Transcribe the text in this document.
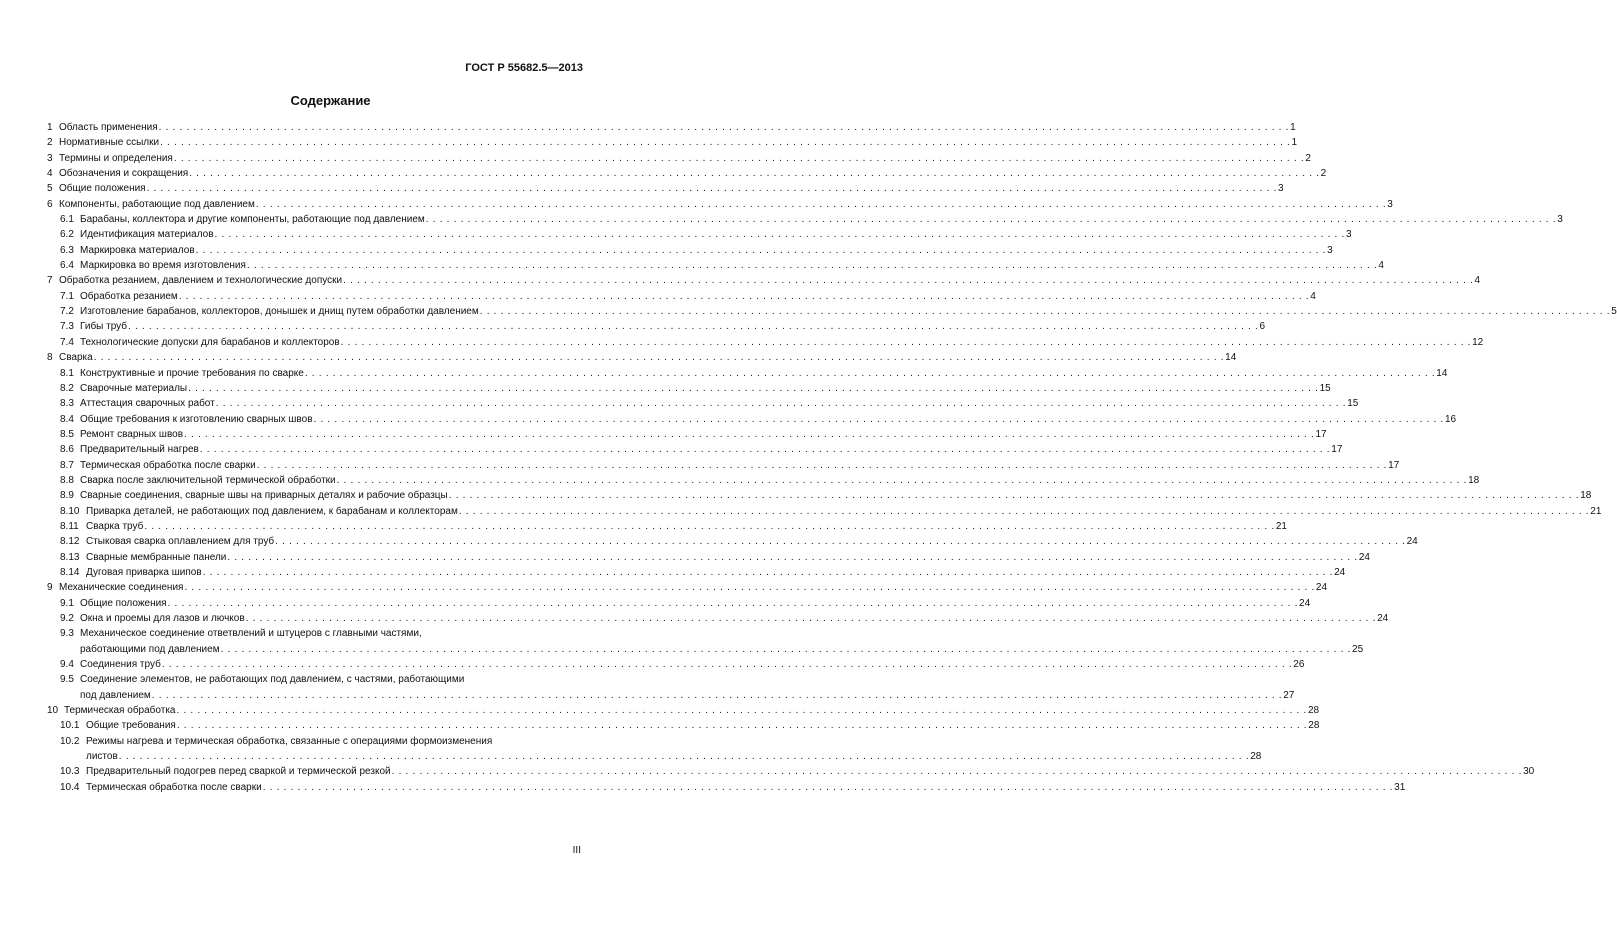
ГОСТ Р 55682.5—2013
Содержание
1 Область применения . . .	1
2 Нормативные ссылки . . .	1
3 Термины и определения . . .	2
4 Обозначения и сокращения . . .	2
5 Общие положения . . .	3
6 Компоненты, работающие под давлением . . .	3
6.1 Барабаны, коллектора и другие компоненты, работающие под давлением . . .	3
6.2 Идентификация материалов . . .	3
6.3 Маркировка материалов . . .	3
6.4 Маркировка во время изготовления . . .	4
7 Обработка резанием, давлением и технологические допуски . . .	4
7.1 Обработка резанием . . .	4
7.2 Изготовление барабанов, коллекторов, донышек и днищ путем обработки давлением . . .	5
7.3 Гибы труб . . .	6
7.4 Технологические допуски для барабанов и коллекторов . . .	12
8 Сварка . . .	14
8.1 Конструктивные и прочие требования по сварке . . .	14
8.2 Сварочные материалы . . .	15
8.3 Аттестация сварочных работ . . .	15
8.4 Общие требования к изготовлению сварных швов . . .	16
8.5 Ремонт сварных швов . . .	17
8.6 Предварительный нагрев . . .	17
8.7 Термическая обработка после сварки . . .	17
8.8 Сварка после заключительной термической обработки . . .	18
8.9 Сварные соединения, сварные швы на приварных деталях и рабочие образцы . . .	18
8.10 Приварка деталей, не работающих под давлением, к барабанам и коллекторам . . .	21
8.11 Сварка труб . . .	21
8.12 Стыковая сварка оплавлением для труб . . .	24
8.13 Сварные мембранные панели . . .	24
8.14 Дуговая приварка шипов . . .	24
9 Механические соединения . . .	24
9.1 Общие положения . . .	24
9.2 Окна и проемы для лазов и лючков . . .	24
9.3 Механическое соединение ответвлений и штуцеров с главными частями,
работающими под давлением . . .	25
9.4 Соединения труб . . .	26
9.5 Соединение элементов, не работающих под давлением, с частями, работающими
под давлением . . .	27
10 Термическая обработка . . .	28
10.1 Общие требования . . .	28
10.2 Режимы нагрева и термическая обработка, связанные с операциями формоизменения
листов . . .	28
10.3 Предварительный подогрев перед сваркой и термической резкой . . .	30
10.4 Термическая обработка после сварки . . .	31
III
